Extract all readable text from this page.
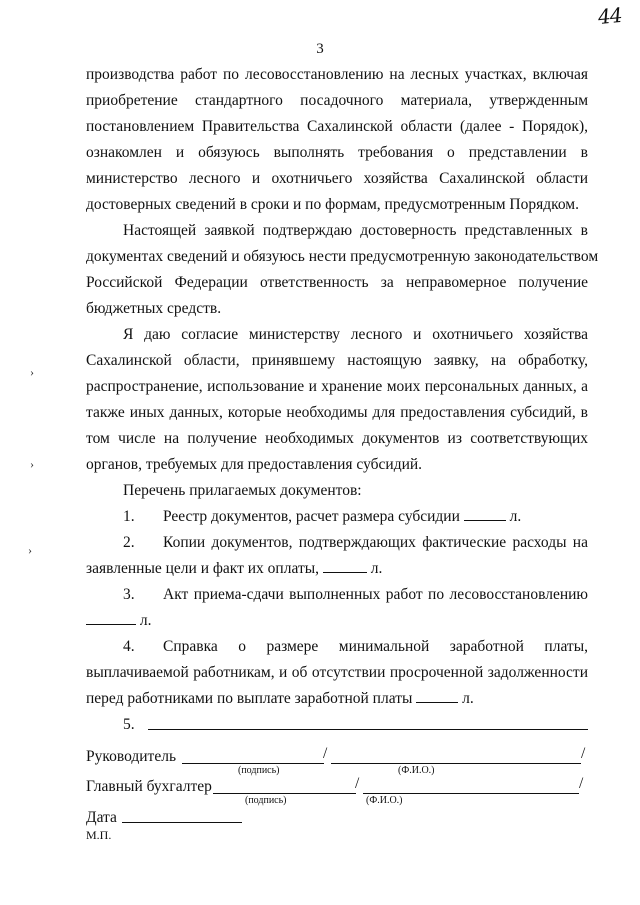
44
3
›
›
›
производства работ по лесовосстановлению на лесных участках, включая
приобретение стандартного посадочного материала, утвержденным
постановлением Правительства Сахалинской области (далее - Порядок),
ознакомлен и обязуюсь выполнять требования о представлении в
министерство лесного и охотничьего хозяйства Сахалинской области
достоверных сведений в сроки и по формам, предусмотренным Порядком.
Настоящей заявкой подтверждаю достоверность представленных в
документах сведений и обязуюсь нести предусмотренную законодательством
Российской Федерации ответственность за неправомерное получение
бюджетных средств.
Я даю согласие министерству лесного и охотничьего хозяйства
Сахалинской области, принявшему настоящую заявку, на обработку,
распространение, использование и хранение моих персональных данных, а
также иных данных, которые необходимы для предоставления субсидий, в
том числе на получение необходимых документов из соответствующих
органов, требуемых для предоставления субсидий.
Перечень прилагаемых документов:
1. Реестр документов, расчет размера субсидии	л.
2. Копии документов, подтверждающих фактические расходы на
заявленные цели и факт их оплаты,	л.
3. Акт приема-сдачи выполненных работ по лесовосстановлению
л.
4. Справка о размере минимальной заработной платы,
выплачиваемой работникам, и об отсутствии просроченной задолженности
перед работниками по выплате заработной платы	л.
5.
Руководитель	/	/
(подпись)	(Ф.И.О.)
Главный бухгалтер	/	/
(подпись)	(Ф.И.О.)
Дата
М.П.
